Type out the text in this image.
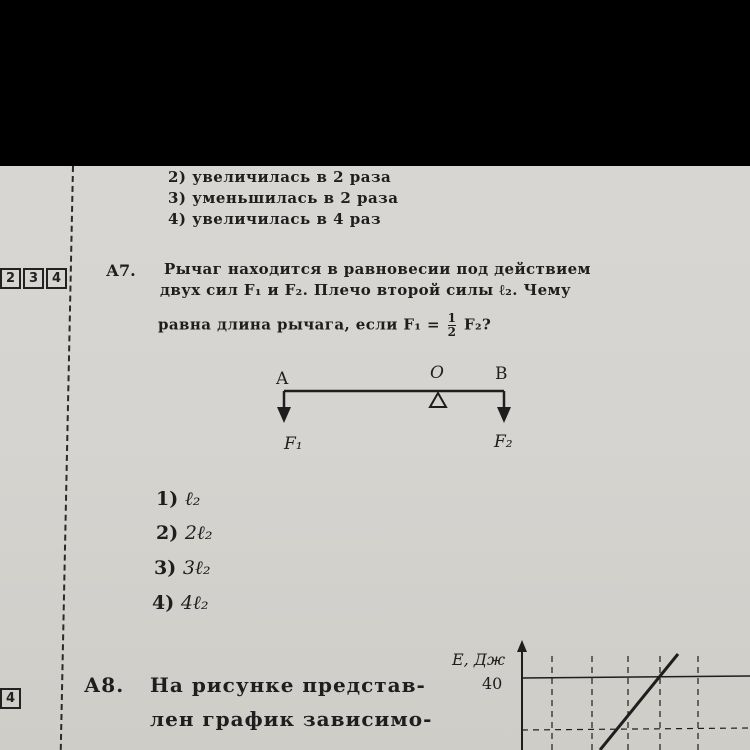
2) увеличилась в 2 раза
3) уменьшилась в 2 раза
4) увеличилась в 4 раз
2	3	4	А7. Рычаг находится в равновесии под действием
двух сил F₁ и F₂. Плечо второй силы ℓ₂. Чему
равна длина рычага, если $F_1 = \frac{1}{2} F_2$?
A	O	B
F₁	F₂
1) ℓ₂
2) 2ℓ₂
3) 3ℓ₂
4) 4ℓ₂
4
А8. На рисунке представ-
лен график зависимо-
E, Дж
40
